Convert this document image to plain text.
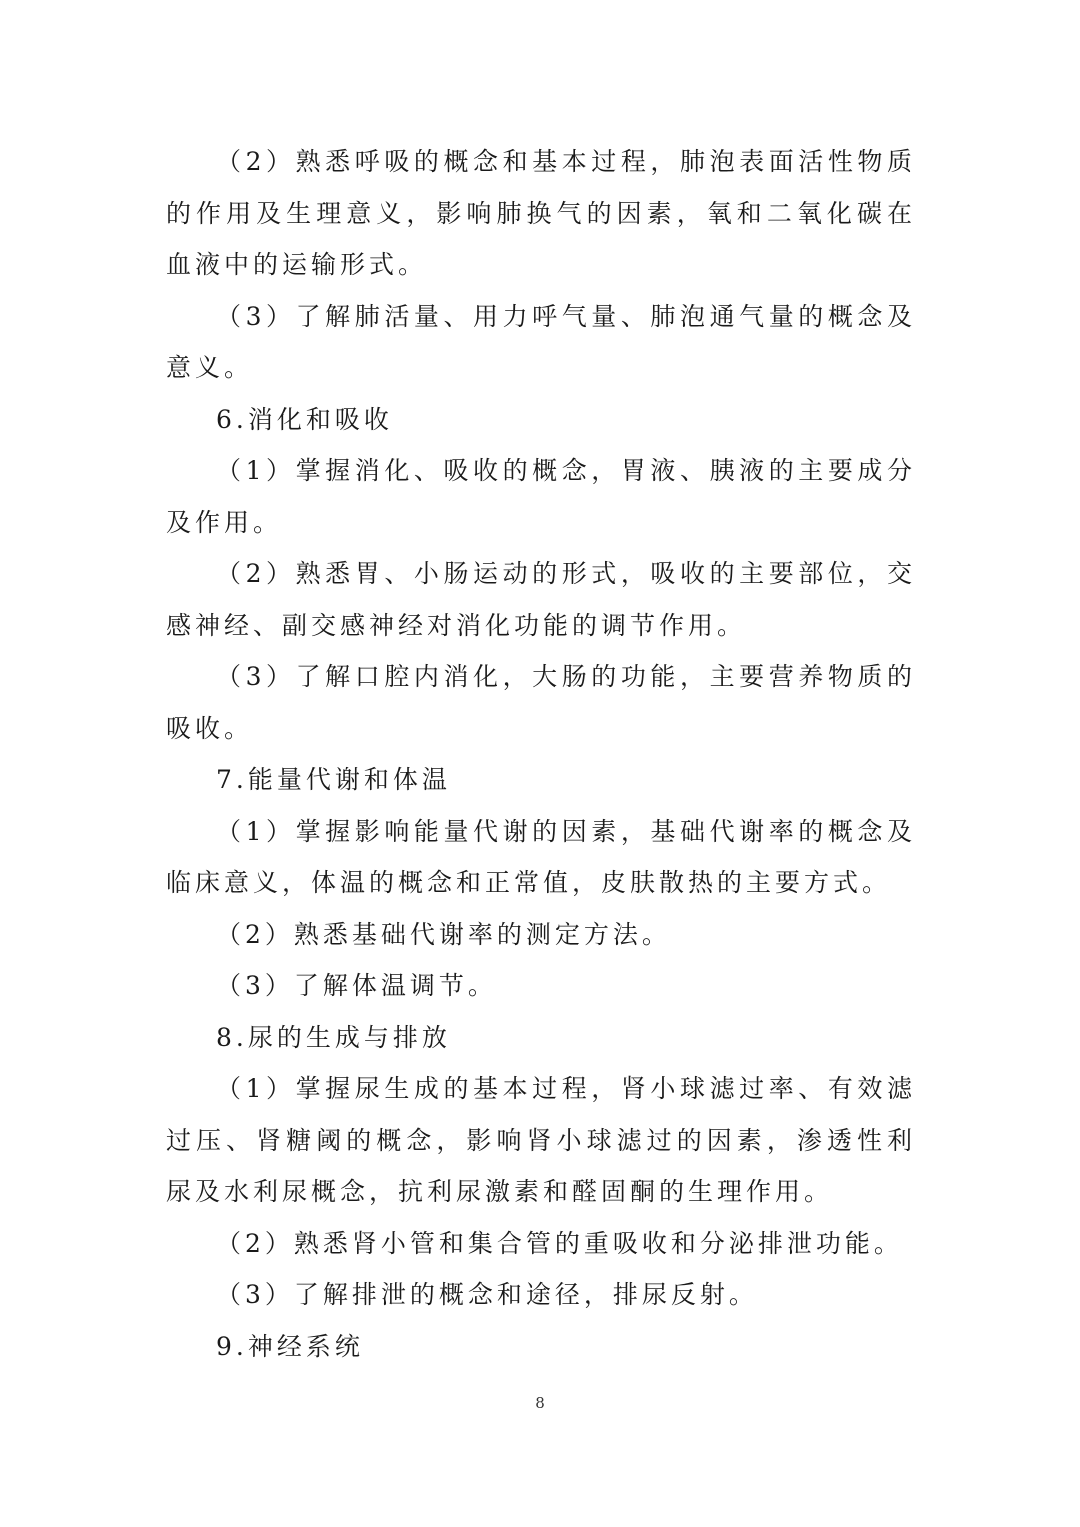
（2）熟悉呼吸的概念和基本过程，肺泡表面活性物质的作用及生理意义，影响肺换气的因素，氧和二氧化碳在血液中的运输形式。

（3）了解肺活量、用力呼气量、肺泡通气量的概念及意义。

6.消化和吸收

（1）掌握消化、吸收的概念，胃液、胰液的主要成分及作用。

（2）熟悉胃、小肠运动的形式，吸收的主要部位，交感神经、副交感神经对消化功能的调节作用。

（3）了解口腔内消化，大肠的功能，主要营养物质的吸收。

7.能量代谢和体温

（1）掌握影响能量代谢的因素，基础代谢率的概念及临床意义，体温的概念和正常值，皮肤散热的主要方式。

（2）熟悉基础代谢率的测定方法。

（3）了解体温调节。

8.尿的生成与排放

（1）掌握尿生成的基本过程，肾小球滤过率、有效滤过压、肾糖阈的概念，影响肾小球滤过的因素，渗透性利尿及水利尿概念，抗利尿激素和醛固酮的生理作用。

（2）熟悉肾小管和集合管的重吸收和分泌排泄功能。

（3）了解排泄的概念和途径，排尿反射。

9.神经系统

8
